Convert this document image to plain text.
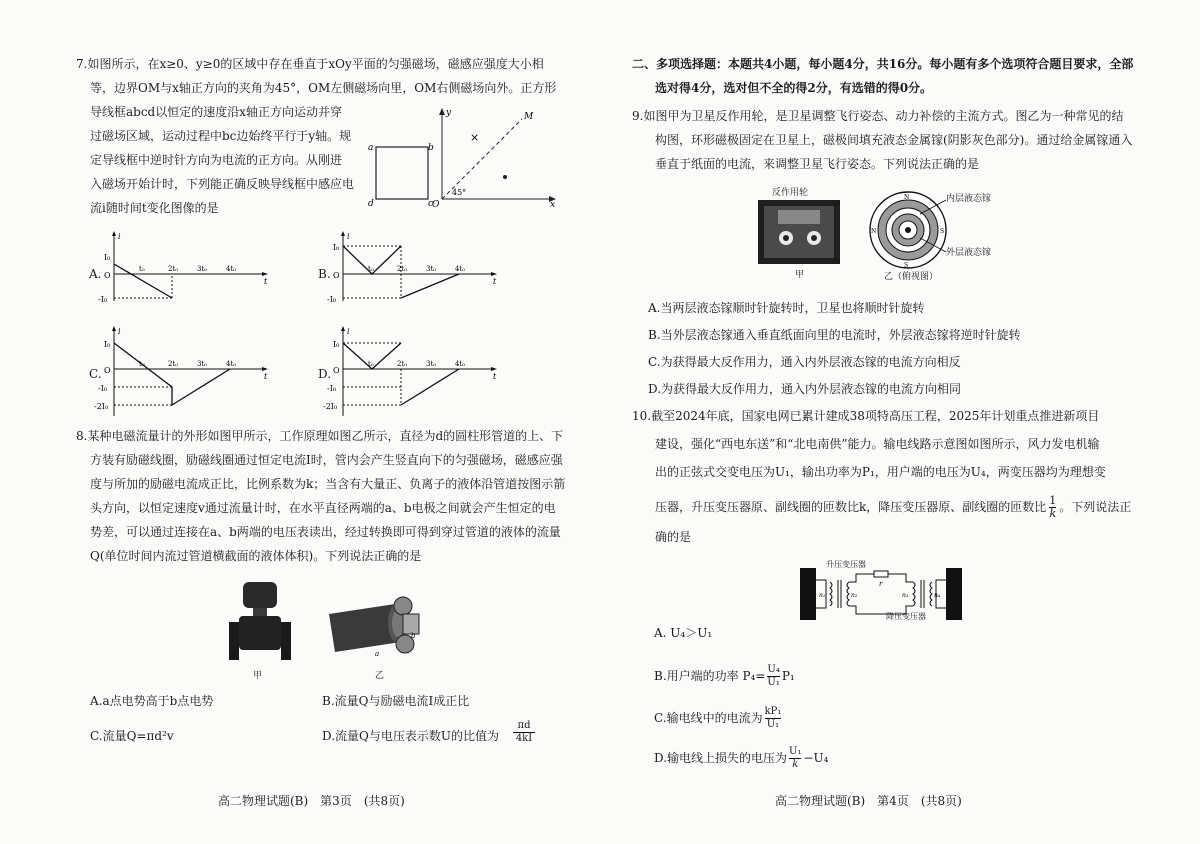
7.如图所示，在x≥0、y≥0的区域中存在垂直于xOy平面的匀强磁场，磁感应强度大小相
等，边界OM与x轴正方向的夹角为45°，OM左侧磁场向里，OM右侧磁场向外。正方形
导线框abcd以恒定的速度沿x轴正方向运动并穿
过磁场区域，运动过程中bc边始终平行于y轴。规
定导线框中逆时针方向为电流的正方向。从刚进
入磁场开始计时，下列能正确反映导线框中感应电
流i随时间t变化图像的是
a	b
c
d
y
x
O
M
×
45°
A.	4t₀
3t₀
2t₀
t₀
t
i
I₀
O
-I₀
B.	4t₀
3t₀
2t₀
t₀
t
i
I₀
O
-I₀
C.
4t₀
3t₀
2t₀
t₀
t
i
I₀
O
-I₀
-2I₀
D.
4t₀
3t₀
2t₀
t₀
t
i
I₀
O
-I₀
-2I₀
8.某种电磁流量计的外形如图甲所示，工作原理如图乙所示，直径为d的圆柱形管道的上、下
方装有励磁线圈，励磁线圈通过恒定电流I时，管内会产生竖直向下的匀强磁场，磁感应强
度与所加的励磁电流成正比，比例系数为k；当含有大量正、负离子的液体沿管道按图示箭
头方向，以恒定速度v通过流量计时，在水平直径两端的a、b电极之间就会产生恒定的电
势差，可以通过连接在a、b两端的电压表读出，经过转换即可得到穿过管道的液体的流量
Q(单位时间内流过管道横截面的液体体积)。下列说法正确的是
甲
a
b
乙
A.a点电势高于b点电势	B.流量Q与励磁电流I成正比
C.流量Q=πd²v	D.流量Q与电压表示数U的比值为
πd
4kI
高二物理试题(B)　第3页　(共8页)
二、多项选择题：本题共4小题，每小题4分，共16分。每小题有多个选项符合题目要求，全部
选对得4分，选对但不全的得2分，有选错的得0分。
9.如图甲为卫星反作用轮，是卫星调整飞行姿态、动力补偿的主流方式。图乙为一种常见的结
构图，环形磁极固定在卫星上，磁极间填充液态金属镓(阴影灰色部分)。通过给金属镓通入
垂直于纸面的电流，来调整卫星飞行姿态。下列说法正确的是
反作用轮
甲
N
S
N	S
内层液态镓
外层液态镓
乙（俯视图）
A.当两层液态镓顺时针旋转时，卫星也将顺时针旋转
B.当外层液态镓通入垂直纸面向里的电流时，外层液态镓将逆时针旋转
C.为获得最大反作用力，通入内外层液态镓的电流方向相反
D.为获得最大反作用力，通入内外层液态镓的电流方向相同
10.截至2024年底，国家电网已累计建成38项特高压工程，2025年计划重点推进新项目
建设，强化“西电东送”和“北电南供”能力。输电线路示意图如图所示，风力发电机输
出的正弦式交变电压为U₁，输出功率为P₁，用户端的电压为U₄，两变压器均为理想变
压器，升压变压器原、副线圈的匝数比k，降压变压器原、副线圈的匝数比 $\frac{1}{k}$ 。下列说法正
确的是
r
n₁	n₂	n₃	n₄
升压变压器
降压变压器
A. U₄＞U₁
B.用户端的功率 $P_4= \frac{\text{U₄}}{\text{U₁}} P_1$
C.输电线中的电流为 $\frac{\text{kP₁}}{\text{U₁}}$
D.输电线上损失的电压为 $\frac{\text{U₁}}{k} -U_4$
高二物理试题(B)　第4页　(共8页)
